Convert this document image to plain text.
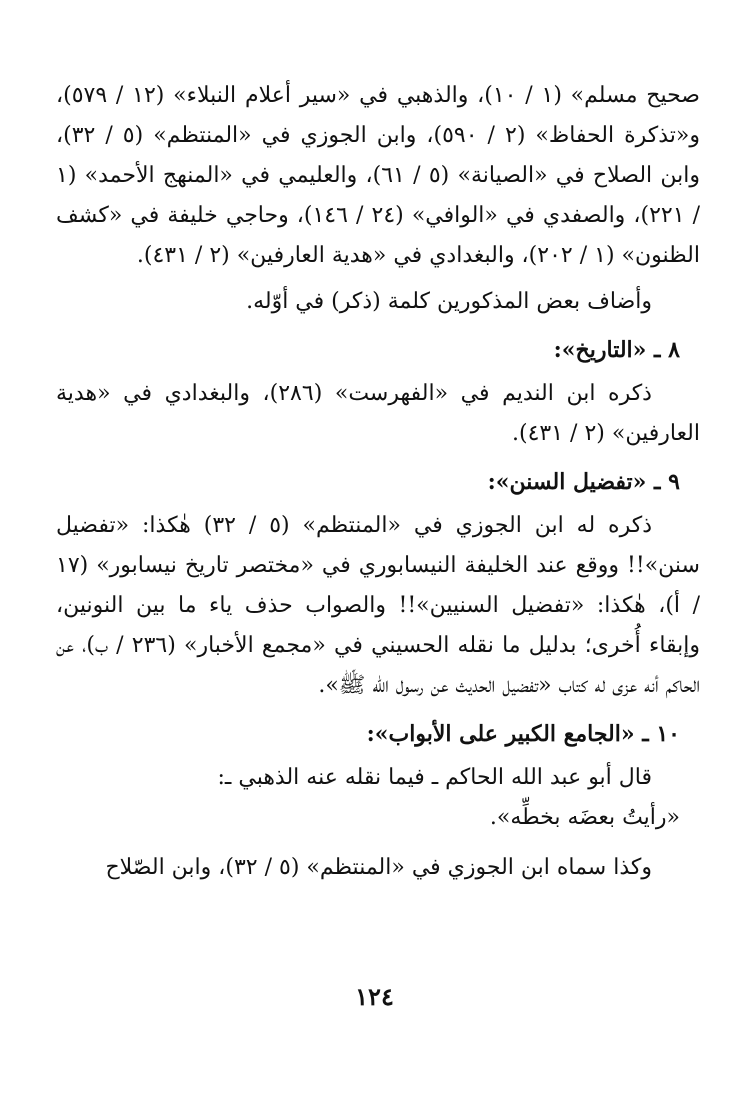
صحيح مسلم» (١ / ١٠)، والذهبي في «سير أعلام النبلاء» (١٢ / ٥٧٩)، و«تذكرة الحفاظ» (٢ / ٥٩٠)، وابن الجوزي في «المنتظم» (٥ / ٣٢)، وابن الصلاح في «الصيانة» (٥ / ٦١)، والعليمي في «المنهج الأحمد» (١ / ٢٢١)، والصفدي في «الوافي» (٢٤ / ١٤٦)، وحاجي خليفة في «كشف الظنون» (١ / ٢٠٢)، والبغدادي في «هدية العارفين» (٢ / ٤٣١).

وأضاف بعض المذكورين كلمة (ذكر) في أوّله.

٨ ـ «التاريخ»:

ذكره ابن النديم في «الفهرست» (٢٨٦)، والبغدادي في «هدية العارفين» (٢ / ٤٣١).

٩ ـ «تفضيل السنن»:

ذكره له ابن الجوزي في «المنتظم» (٥ / ٣٢) هٰكذا: «تفضيل سنن»!! ووقع عند الخليفة النيسابوري في «مختصر تاريخ نيسابور» (١٧ / أ)، هٰكذا: «تفضيل السنيين»!! والصواب حذف ياء ما بين النونين، وإبقاء أُخرى؛ بدليل ما نقله الحسيني في «مجمع الأخبار» (٢٣٦ / ب)، عن الحاكم أنه عزى له كتاب «تفضيل الحديث عن رسول الله ﷺ».

١٠ ـ «الجامع الكبير على الأبواب»:

قال أبو عبد الله الحاكم ـ فيما نقله عنه الذهبي ـ:

«رأيتُ بعضَه بخطِّه».

وكذا سماه ابن الجوزي في «المنتظم» (٥ / ٣٢)، وابن الصّلاح

١٢٤
